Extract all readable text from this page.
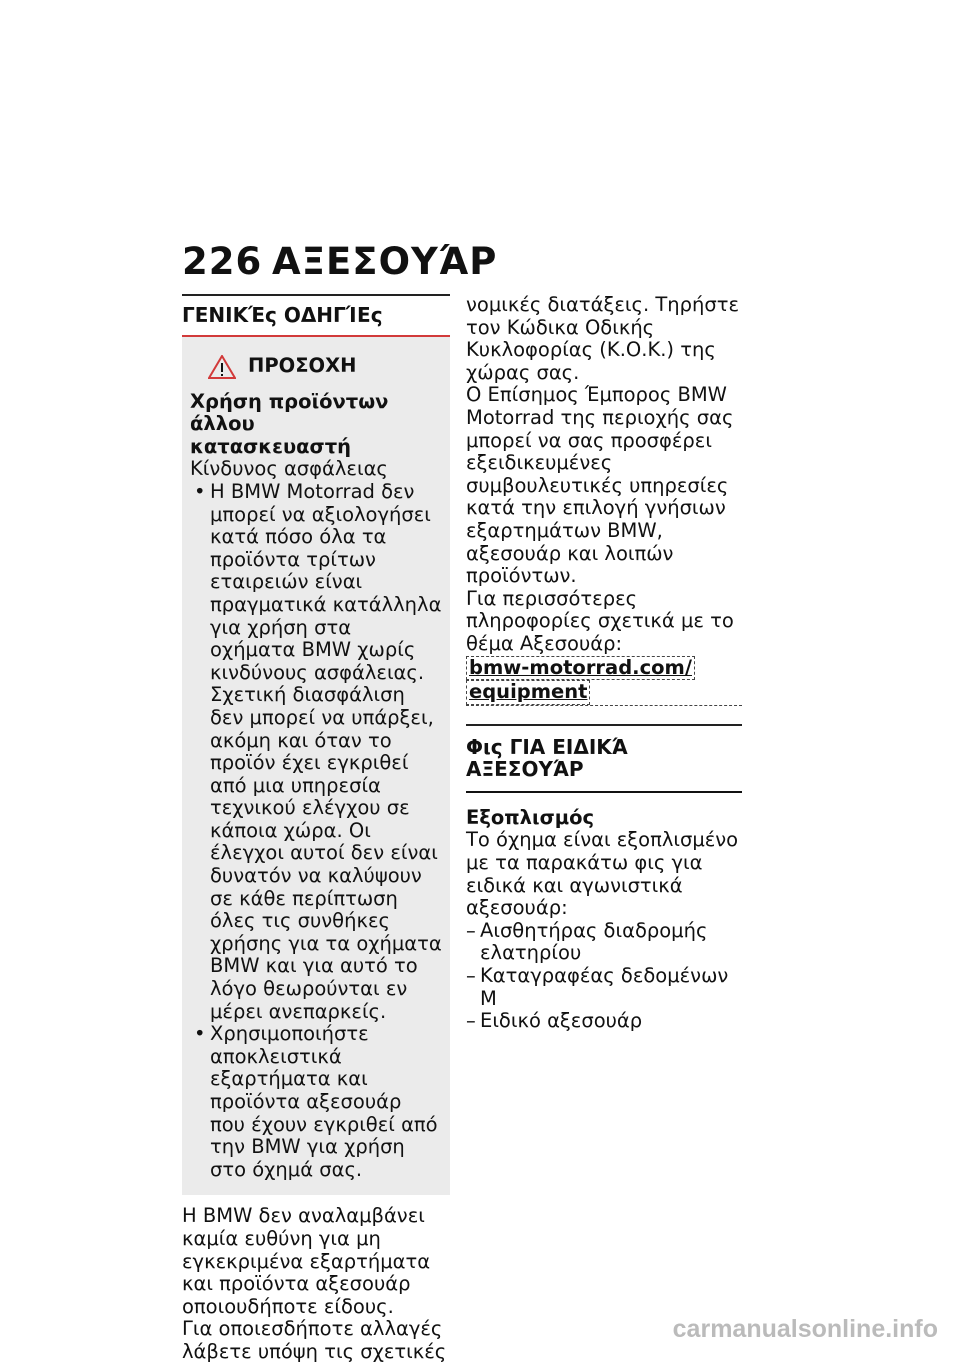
226 ΑΞΕΣΟΥΆΡ
ΓΕΝΙΚΈς ΟΔΗΓΊΕς
ΠΡΟΣΟΧΗ
Χρήση προϊόντων άλλου
κατασκευαστή
Κίνδυνος ασφάλειας
• Η BMW Motorrad δεν μπορεί να αξιολογήσει κατά πόσο όλα τα προϊόντα τρίτων εταιρειών είναι πραγματικά κατάλληλα για χρήση στα οχήματα BMW χωρίς κινδύνους ασφάλειας. Σχετική διασφάλιση δεν μπορεί να υπάρξει, ακόμη και όταν το προϊόν έχει εγκριθεί από μια υπηρεσία τεχνικού ελέγχου σε κάποια χώρα. Οι έλεγχοι αυτοί δεν είναι δυνατόν να καλύψουν σε κάθε περίπτωση όλες τις συνθήκες χρήσης για τα οχήματα BMW και για αυτό το λόγο θεωρούνται εν μέρει ανεπαρκείς.
• Χρησιμοποιήστε αποκλειστικά εξαρτήματα και προϊόντα αξεσουάρ που έχουν εγκριθεί από την BMW για χρήση στο όχημά σας.
Η BMW δεν αναλαμβάνει καμία ευθύνη για μη εγκεκριμένα εξαρτήματα και προϊόντα αξεσουάρ οποιουδήποτε είδους.
Για οποιεσδήποτε αλλαγές λάβετε υπόψη τις σχετικές
νομικές διατάξεις. Τηρήστε τον Κώδικα Οδικής Κυκλοφορίας (Κ.Ο.Κ.) της χώρας σας.
Ο Επίσημος Έμπορος BMW Motorrad της περιοχής σας μπορεί να σας προσφέρει εξειδικευμένες συμβουλευτικές υπηρεσίες κατά την επιλογή γνήσιων εξαρτημάτων BMW, αξεσουάρ και λοιπών προϊόντων.
Για περισσότερες πληροφορίες σχετικά με το θέμα Αξεσουάρ:
bmw-motorrad.com/
equipment
Φις ΓΙΑ ΕΙΔΙΚΆ ΑΞΕΣΟΥΆΡ
Εξοπλισμός
Το όχημα είναι εξοπλισμένο με τα παρακάτω φις για ειδικά και αγωνιστικά αξεσουάρ:
– Αισθητήρας διαδρομής ελατηρίου
– Καταγραφέας δεδομένων M
– Ειδικό αξεσουάρ
carmanualsonline.info
